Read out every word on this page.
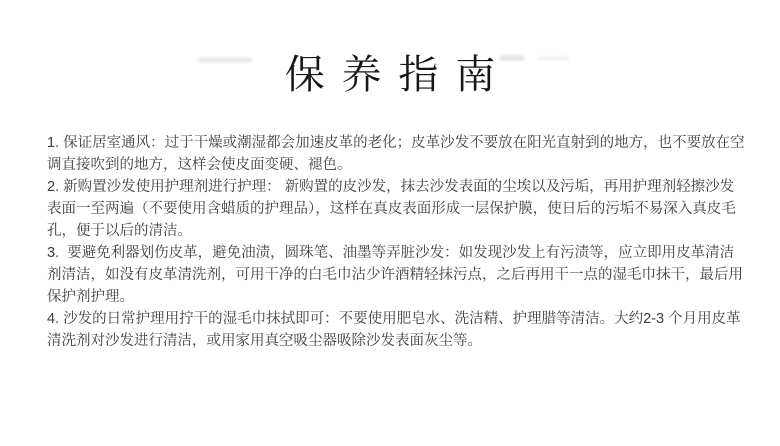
保养指南

1. 保证居室通风：过于干燥或潮湿都会加速皮革的老化；皮革沙发不要放在阳光直射到的地方，也不要放在空调直接吹到的地方，这样会使皮面变硬、褪色。

2. 新购置沙发使用护理剂进行护理： 新购置的皮沙发，抹去沙发表面的尘埃以及污垢，再用护理剂轻擦沙发表面一至两遍（不要使用含蜡质的护理品），这样在真皮表面形成一层保护膜，使日后的污垢不易深入真皮毛孔，便于以后的清洁。

3.  要避免利器划伤皮革，避免油渍，圆珠笔、油墨等弄脏沙发：如发现沙发上有污渍等，应立即用皮革清洁剂清洁，如没有皮革清洗剂，可用干净的白毛巾沾少许酒精轻抹污点，之后再用干一点的湿毛巾抹干，最后用保护剂护理。

4. 沙发的日常护理用拧干的湿毛巾抹拭即可：不要使用肥皂水、洗洁精、护理腊等清洁。大约2-3 个月用皮革清洗剂对沙发进行清洁，或用家用真空吸尘器吸除沙发表面灰尘等。
